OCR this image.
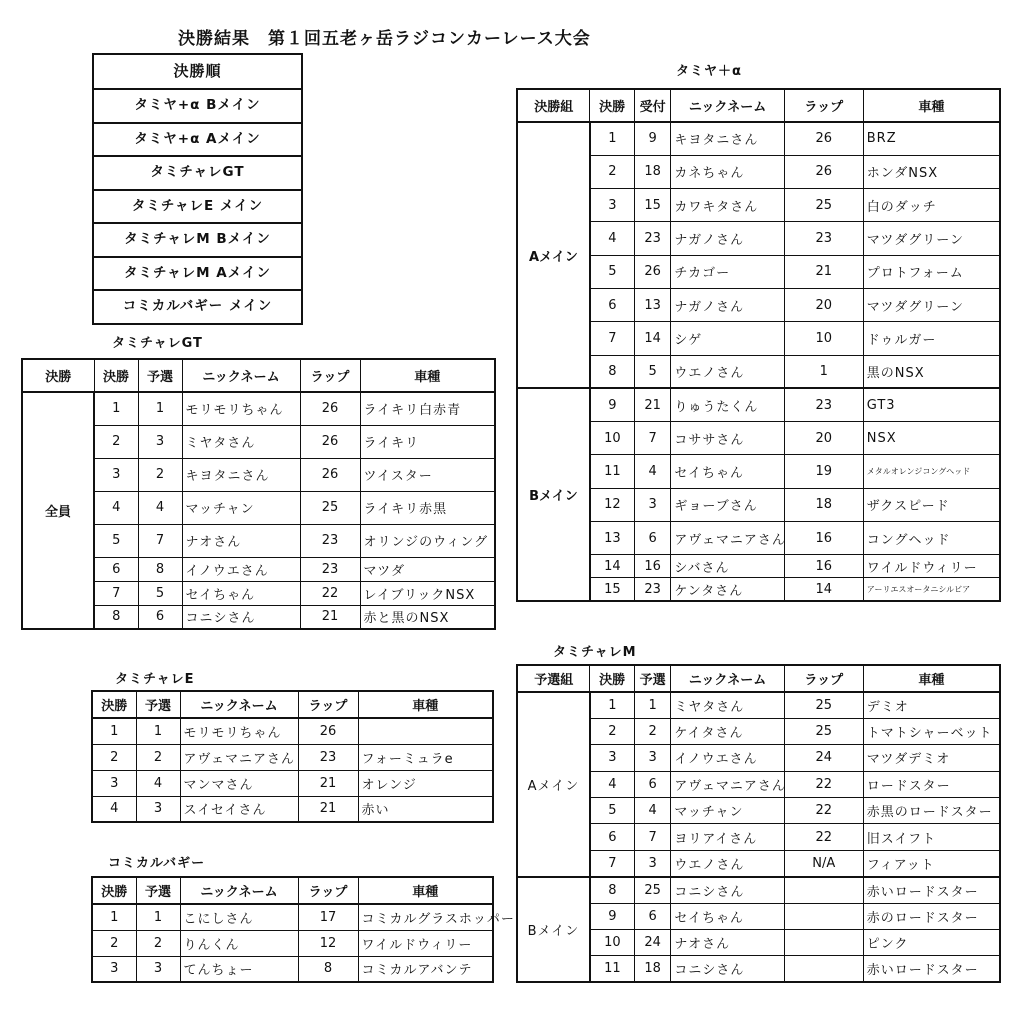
決勝結果　第１回五老ヶ岳ラジコンカーレース大会
決勝順
タミヤ+α Bメイン
タミヤ+α Aメイン
タミチャレGT
タミチャレE メイン
タミチャレM Bメイン
タミチャレM Aメイン
コミカルバギー メイン
タミチャレGT
決勝	決勝	予選	ニックネーム	ラップ	車種
全員	1	1	モリモリちゃん	26	ライキリ白赤青
	2	3	ミヤタさん	26	ライキリ
	3	2	キヨタニさん	26	ツイスター
	4	4	マッチャン	25	ライキリ赤黒
	5	7	ナオさん	23	オリンジのウィング
	6	8	イノウエさん	23	マツダ
	7	5	セイちゃん	22	レイブリックNSX
	8	6	コニシさん	21	赤と黒のNSX
タミチャレE
決勝	予選	ニックネーム	ラップ	車種
1	1	モリモリちゃん	26	
2	2	アヴェマニアさん	23	フォーミュラe
3	4	マンマさん	21	オレンジ
4	3	スイセイさん	21	赤い
コミカルバギー
決勝	予選	ニックネーム	ラップ	車種
1	1	こにしさん	17	コミカルグラスホッパー
2	2	りんくん	12	ワイルドウィリー
3	3	てんちょー	8	コミカルアバンテ
タミヤ＋α
決勝組	決勝	受付	ニックネーム	ラップ	車種
Aメイン	1	9	キヨタニさん	26	BRZ
	2	18	カネちゃん	26	ホンダNSX
	3	15	カワキタさん	25	白のダッチ
	4	23	ナガノさん	23	マツダグリーン
	5	26	チカゴー	21	プロトフォーム
	6	13	ナガノさん	20	マツダグリーン
	7	14	シゲ	10	ドゥルガー
	8	5	ウエノさん	1	黒のNSX
Bメイン	9	21	りゅうたくん	23	GT3
	10	7	コササさん	20	NSX
	11	4	セイちゃん	19	メタルオレンジコングヘッド
	12	3	ギョーブさん	18	ザクスピード
	13	6	アヴェマニアさん	16	コングヘッド
	14	16	シバさん	16	ワイルドウィリー
	15	23	ケンタさん	14	アーリエスオータニシルビア
タミチャレM
予選組	決勝	予選	ニックネーム	ラップ	車種
Aメイン	1	1	ミヤタさん	25	デミオ
	2	2	ケイタさん	25	トマトシャーベット
	3	3	イノウエさん	24	マツダデミオ
	4	6	アヴェマニアさん	22	ロードスター
	5	4	マッチャン	22	赤黒のロードスター
	6	7	ヨリアイさん	22	旧スイフト
	7	3	ウエノさん	N/A	フィアット
Bメイン	8	25	コニシさん		赤いロードスター
	9	6	セイちゃん		赤のロードスター
	10	24	ナオさん		ピンク
	11	18	コニシさん		赤いロードスター
